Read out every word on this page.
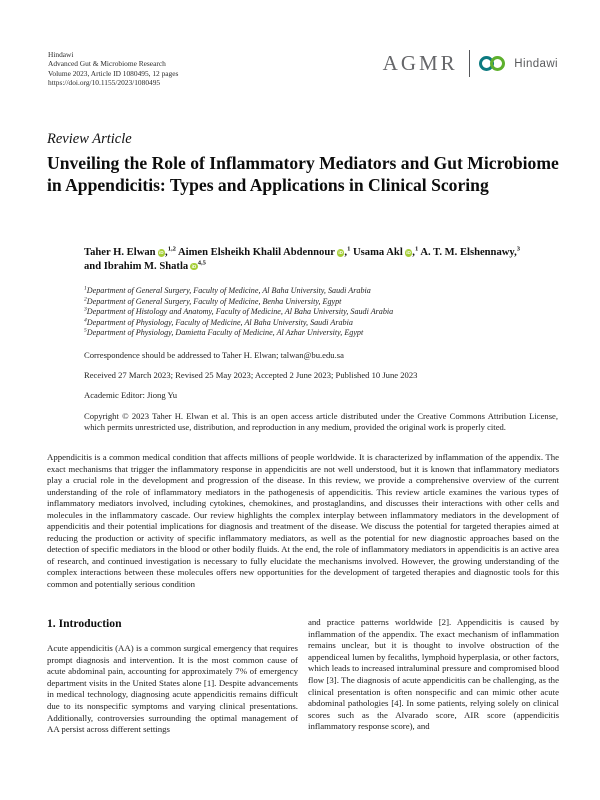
Hindawi
Advanced Gut & Microbiome Research
Volume 2023, Article ID 1080495, 12 pages
https://doi.org/10.1155/2023/1080495
AGMR	Hindawi
Review Article
Unveiling the Role of Inflammatory Mediators and Gut Microbiome in Appendicitis: Types and Applications in Clinical Scoring
Taher H. Elwan iD,$^{1,2}$ Aimen Elsheikh Khalil Abdennour iD,$^1$ Usama Akl iD,$^1$ A. T. M. Elshennawy,$^3$ and Ibrahim M. Shatla iD$^{4,5}$
$^1$Department of General Surgery, Faculty of Medicine, Al Baha University, Saudi Arabia
$^2$Department of General Surgery, Faculty of Medicine, Benha University, Egypt
$^3$Department of Histology and Anatomy, Faculty of Medicine, Al Baha University, Saudi Arabia
$^4$Department of Physiology, Faculty of Medicine, Al Baha University, Saudi Arabia
$^5$Department of Physiology, Damietta Faculty of Medicine, Al Azhar University, Egypt
Correspondence should be addressed to Taher H. Elwan; talwan@bu.edu.sa
Received 27 March 2023; Revised 25 May 2023; Accepted 2 June 2023; Published 10 June 2023
Academic Editor: Jiong Yu
Copyright © 2023 Taher H. Elwan et al. This is an open access article distributed under the Creative Commons Attribution License, which permits unrestricted use, distribution, and reproduction in any medium, provided the original work is properly cited.
Appendicitis is a common medical condition that affects millions of people worldwide. It is characterized by inflammation of the appendix. The exact mechanisms that trigger the inflammatory response in appendicitis are not well understood, but it is known that inflammatory mediators play a crucial role in the development and progression of the disease. In this review, we provide a comprehensive overview of the current understanding of the role of inflammatory mediators in the pathogenesis of appendicitis. This review article examines the various types of inflammatory mediators involved, including cytokines, chemokines, and prostaglandins, and discusses their interactions with other cells and molecules in the inflammatory cascade. Our review highlights the complex interplay between inflammatory mediators in the development of appendicitis and their potential implications for diagnosis and treatment of the disease. We discuss the potential for targeted therapies aimed at reducing the production or activity of specific inflammatory mediators, as well as the potential for new diagnostic approaches based on the detection of specific mediators in the blood or other bodily fluids. At the end, the role of inflammatory mediators in appendicitis is an active area of research, and continued investigation is necessary to fully elucidate the mechanisms involved. However, the growing understanding of the complex interactions between these molecules offers new opportunities for the development of targeted therapies and diagnostic tools for this common and potentially serious condition
1. Introduction
Acute appendicitis (AA) is a common surgical emergency that requires prompt diagnosis and intervention. It is the most common cause of acute abdominal pain, accounting for approximately 7% of emergency department visits in the United States alone [1]. Despite advancements in medical technology, diagnosing acute appendicitis remains difficult due to its nonspecific symptoms and varying clinical presentations. Additionally, controversies surrounding the optimal management of AA persist across different settings
and practice patterns worldwide [2]. Appendicitis is caused by inflammation of the appendix. The exact mechanism of inflammation remains unclear, but it is thought to involve obstruction of the appendiceal lumen by fecaliths, lymphoid hyperplasia, or other factors, which leads to increased intraluminal pressure and compromised blood flow [3]. The diagnosis of acute appendicitis can be challenging, as the clinical presentation is often nonspecific and can mimic other acute abdominal pathologies [4]. In some patients, relying solely on clinical scores such as the Alvarado score, AIR score (appendicitis inflammatory response score), and
